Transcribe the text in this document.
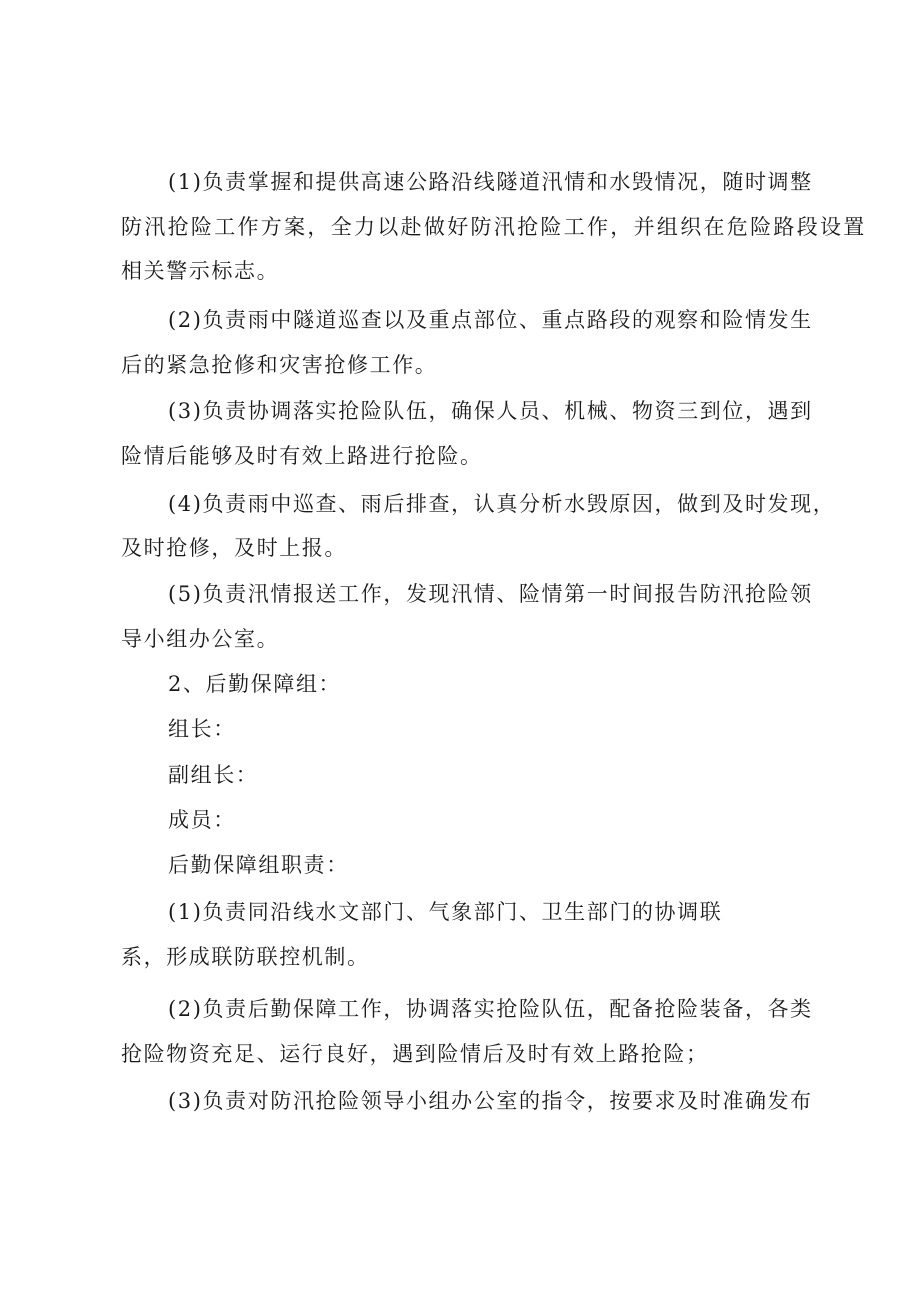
(1)负责掌握和提供高速公路沿线隧道汛情和水毁情况，随时调整
防汛抢险工作方案，全力以赴做好防汛抢险工作，并组织在危险路段设置
相关警示标志。
(2)负责雨中隧道巡查以及重点部位、重点路段的观察和险情发生
后的紧急抢修和灾害抢修工作。
(3)负责协调落实抢险队伍，确保人员、机械、物资三到位，遇到
险情后能够及时有效上路进行抢险。
(4)负责雨中巡查、雨后排查，认真分析水毁原因，做到及时发现，
及时抢修，及时上报。
(5)负责汛情报送工作，发现汛情、险情第一时间报告防汛抢险领
导小组办公室。
2、后勤保障组：
组长：
副组长：
成员：
后勤保障组职责：
(1)负责同沿线水文部门、气象部门、卫生部门的协调联
系，形成联防联控机制。
(2)负责后勤保障工作，协调落实抢险队伍，配备抢险装备，各类
抢险物资充足、运行良好，遇到险情后及时有效上路抢险；
(3)负责对防汛抢险领导小组办公室的指令，按要求及时准确发布
